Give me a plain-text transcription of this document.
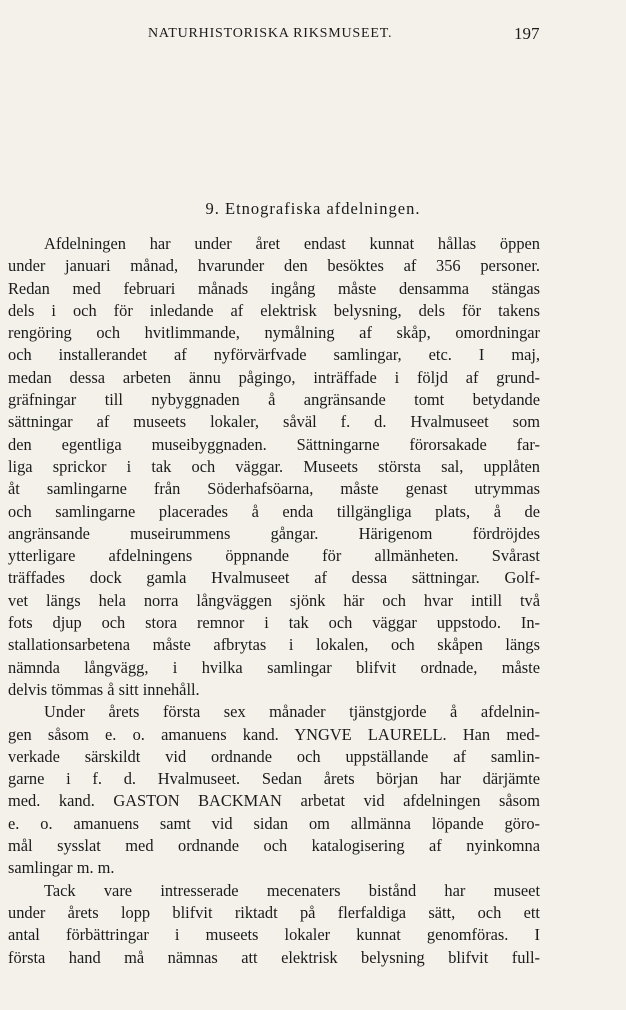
NATURHISTORISKA RIKSMUSEET.	197
9. Etnografiska afdelningen.
Afdelningen har under året endast kunnat hållas öppen
under januari månad, hvarunder den besöktes af 356 personer.
Redan med februari månads ingång måste densamma stängas
dels i och för inledande af elektrisk belysning, dels för takens
rengöring och hvitlimmande, nymålning af skåp, omordningar
och installerandet af nyförvärfvade samlingar, etc. I maj,
medan dessa arbeten ännu pågingo, inträffade i följd af grund-
gräfningar till nybyggnaden å angränsande tomt betydande
sättningar af museets lokaler, såväl f. d. Hvalmuseet som
den egentliga museibyggnaden. Sättningarne förorsakade far-
liga sprickor i tak och väggar. Museets största sal, upplåten
åt samlingarne från Söderhafsöarna, måste genast utrymmas
och samlingarne placerades å enda tillgängliga plats, å de
angränsande museirummens gångar. Härigenom fördröjdes
ytterligare afdelningens öppnande för allmänheten. Svårast
träffades dock gamla Hvalmuseet af dessa sättningar. Golf-
vet längs hela norra långväggen sjönk här och hvar intill två
fots djup och stora remnor i tak och väggar uppstodo. In-
stallationsarbetena måste afbrytas i lokalen, och skåpen längs
nämnda långvägg, i hvilka samlingar blifvit ordnade, måste
delvis tömmas å sitt innehåll.
Under årets första sex månader tjänstgjorde å afdelnin-
gen såsom e. o. amanuens kand. YNGVE LAURELL. Han med-
verkade särskildt vid ordnande och uppställande af samlin-
garne i f. d. Hvalmuseet. Sedan årets början har därjämte
med. kand. GASTON BACKMAN arbetat vid afdelningen såsom
e. o. amanuens samt vid sidan om allmänna löpande göro-
mål sysslat med ordnande och katalogisering af nyinkomna
samlingar m. m.
Tack vare intresserade mecenaters bistånd har museet
under årets lopp blifvit riktadt på flerfaldiga sätt, och ett
antal förbättringar i museets lokaler kunnat genomföras. I
första hand må nämnas att elektrisk belysning blifvit full-
